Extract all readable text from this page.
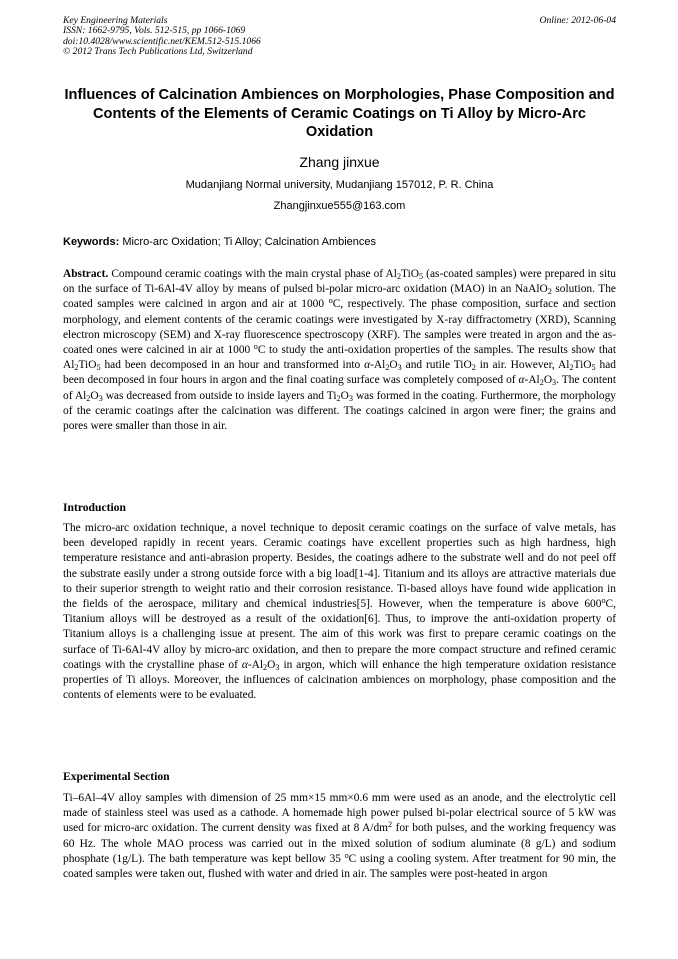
Key Engineering Materials
ISSN: 1662-9795, Vols. 512-515, pp 1066-1069
doi:10.4028/www.scientific.net/KEM.512-515.1066
© 2012 Trans Tech Publications Ltd, Switzerland
Online: 2012-06-04
Influences of Calcination Ambiences on Morphologies, Phase Composition and Contents of the Elements of Ceramic Coatings on Ti Alloy by Micro-Arc Oxidation
Zhang jinxue
Mudanjiang Normal university, Mudanjiang 157012, P. R. China
Zhangjinxue555@163.com
Keywords: Micro-arc Oxidation; Ti Alloy; Calcination Ambiences
Abstract. Compound ceramic coatings with the main crystal phase of $Al_2TiO_5$ (as-coated samples) were prepared in situ on the surface of Ti-6Al-4V alloy by means of pulsed bi-polar micro-arc oxidation (MAO) in an NaAlO$_2$ solution. The coated samples were calcined in argon and air at 1000 $^o$C, respectively. The phase composition, surface and section morphology, and element contents of the ceramic coatings were investigated by X-ray diffractometry (XRD), Scanning electron microscopy (SEM) and X-ray fluorescence spectroscopy (XRF). The samples were treated in argon and the as-coated ones were calcined in air at 1000 $^o$C to study the anti-oxidation properties of the samples. The results show that $Al_2TiO_5$ had been decomposed in an hour and transformed into $\alpha-Al_2O_3$ and rutile TiO$_2$ in air. However, $Al_2TiO_5$ had been decomposed in four hours in argon and the final coating surface was completely composed of $\alpha-Al_2O_3$. The content of $Al_2O_3$ was decreased from outside to inside layers and $Ti_2O_3$ was formed in the coating. Furthermore, the morphology of the ceramic coatings after the calcination was different. The coatings calcined in argon were finer; the grains and pores were smaller than those in air.
Introduction
The micro-arc oxidation technique, a novel technique to deposit ceramic coatings on the surface of valve metals, has been developed rapidly in recent years. Ceramic coatings have excellent properties such as high hardness, high temperature resistance and anti-abrasion property. Besides, the coatings adhere to the substrate well and do not peel off the substrate easily under a strong outside force with a big load[1-4]. Titanium and its alloys are attractive materials due to their superior strength to weight ratio and their corrosion resistance. Ti-based alloys have found wide application in the fields of the aerospace, military and chemical industries[5]. However, when the temperature is above 600$^o$C, Titanium alloys will be destroyed as a result of the oxidation[6]. Thus, to improve the anti-oxidation property of Titanium alloys is a challenging issue at present. The aim of this work was first to prepare ceramic coatings on the surface of Ti-6Al-4V alloy by micro-arc oxidation, and then to prepare the more compact structure and refined ceramic coatings with the crystalline phase of $\alpha-Al_2O_3$ in argon, which will enhance the high temperature oxidation resistance properties of Ti alloys. Moreover, the influences of calcination ambiences on morphology, phase composition and the contents of elements were to be evaluated.
Experimental Section
Ti–6Al–4V alloy samples with dimension of 25 mm×15 mm×0.6 mm were used as an anode, and the electrolytic cell made of stainless steel was used as a cathode. A homemade high power pulsed bi-polar electrical source of 5 kW was used for micro-arc oxidation. The current density was fixed at 8 $A/dm^2$ for both pulses, and the working frequency was 60 Hz. The whole MAO process was carried out in the mixed solution of sodium aluminate (8 g/L) and sodium phosphate (1g/L). The bath temperature was kept bellow 35 $^o$C using a cooling system. After treatment for 90 min, the coated samples were taken out, flushed with water and dried in air. The samples were post-heated in argon
